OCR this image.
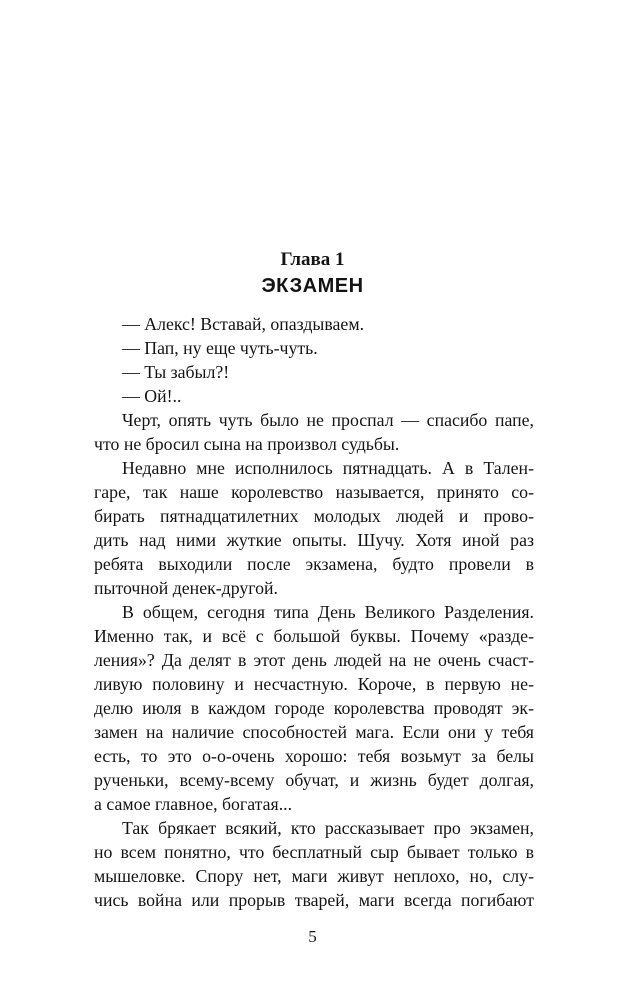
Глава 1
ЭКЗАМЕН
— Алекс! Вставай, опаздываем.
— Пап, ну еще чуть-чуть.
— Ты забыл?!
— Ой!..
Черт, опять чуть было не проспал — спасибо папе,
что не бросил сына на произвол судьбы.
Недавно мне исполнилось пятнадцать. А в Тален-
гаре, так наше королевство называется, принято со-
бирать пятнадцатилетних молодых людей и прово-
дить над ними жуткие опыты. Шучу. Хотя иной раз
ребята выходили после экзамена, будто провели в
пыточной денек-другой.
В общем, сегодня типа День Великого Разделения.
Именно так, и всё с большой буквы. Почему «разде-
ления»? Да делят в этот день людей на не очень счаст-
ливую половину и несчастную. Короче, в первую не-
делю июля в каждом городе королевства проводят эк-
замен на наличие способностей мага. Если они у тебя
есть, то это о-о-очень хорошо: тебя возьмут за белы
рученьки, всему-всему обучат, и жизнь будет долгая,
а самое главное, богатая...
Так брякает всякий, кто рассказывает про экзамен,
но всем понятно, что бесплатный сыр бывает только в
мышеловке. Спору нет, маги живут неплохо, но, слу-
чись война или прорыв тварей, маги всегда погибают

5
